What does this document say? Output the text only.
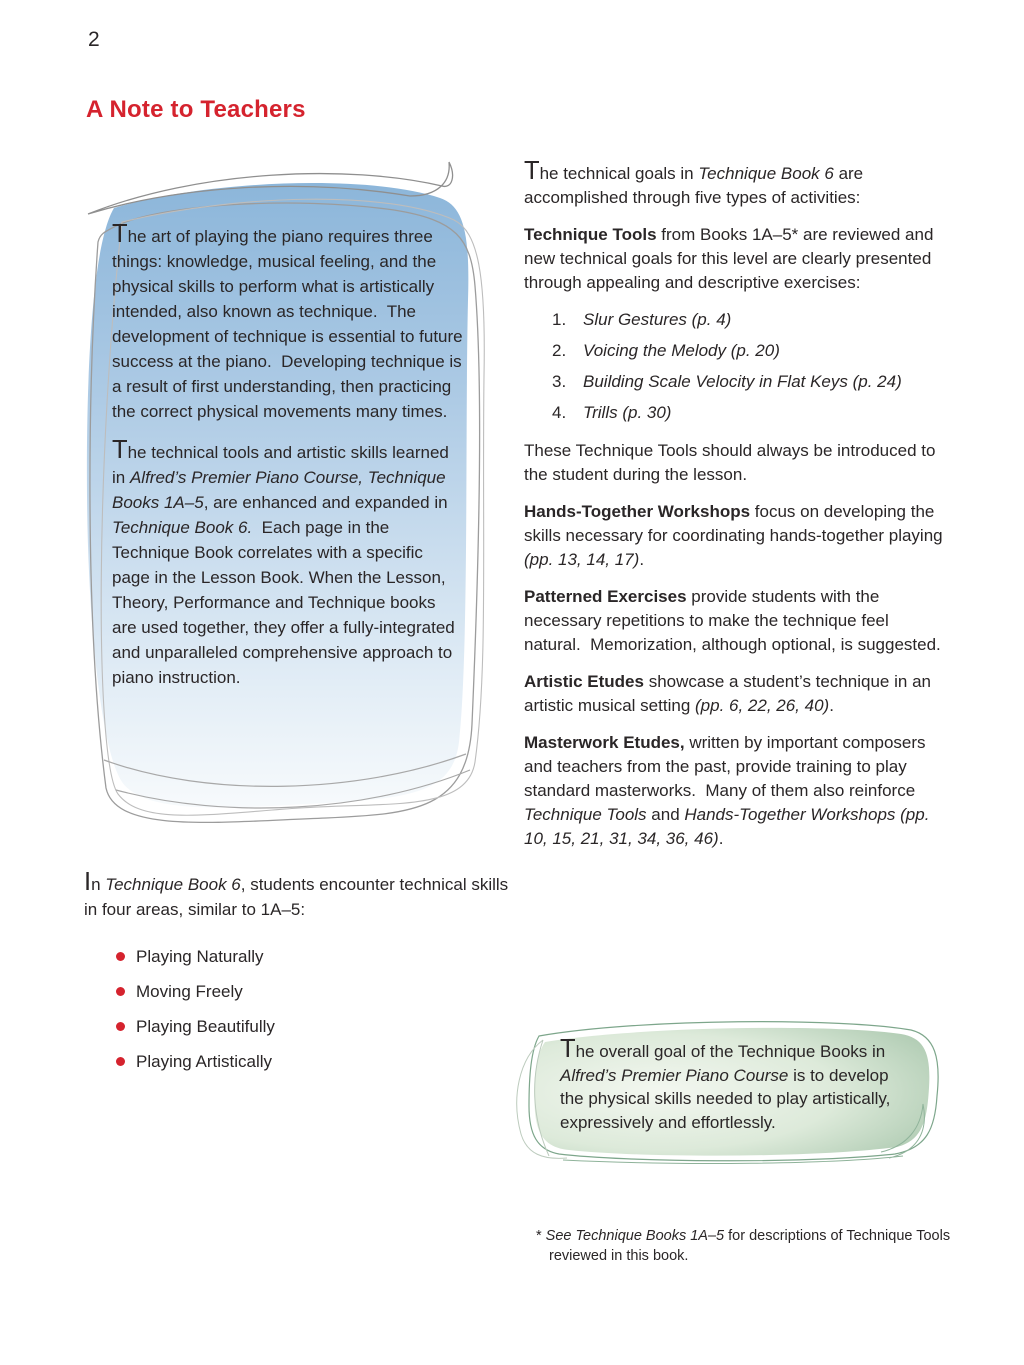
2
A Note to Teachers

The art of playing the piano requires three things: knowledge, musical feeling, and the physical skills to perform what is artistically intended, also known as technique.  The development of technique is essential to future success at the piano.  Developing technique is a result of first understanding, then practicing the correct physical movements many times.

The technical tools and artistic skills learned in Alfred’s Premier Piano Course, Technique Books 1A–5, are enhanced and expanded in Technique Book 6.  Each page in the Technique Book correlates with a specific page in the Lesson Book. When the Lesson, Theory, Performance and Technique books are used together, they offer a fully-integrated and unparalleled comprehensive approach to piano instruction.

In Technique Book 6, students encounter technical skills in four areas, similar to 1A–5:

Playing Naturally
Moving Freely
Playing Beautifully
Playing Artistically

The technical goals in Technique Book 6 are accomplished through five types of activities:

Technique Tools from Books 1A–5* are reviewed and new technical goals for this level are clearly presented through appealing and descriptive exercises:

1. Slur Gestures (p. 4)
2. Voicing the Melody (p. 20)
3. Building Scale Velocity in Flat Keys (p. 24)
4. Trills (p. 30)

These Technique Tools should always be introduced to the student during the lesson.

Hands-Together Workshops focus on developing the skills necessary for coordinating hands-together playing (pp. 13, 14, 17).

Patterned Exercises provide students with the necessary repetitions to make the technique feel natural.  Memorization, although optional, is suggested.

Artistic Etudes showcase a student’s technique in an artistic musical setting (pp. 6, 22, 26, 40).

Masterwork Etudes, written by important composers and teachers from the past, provide training to play standard masterworks.  Many of them also reinforce Technique Tools and Hands-Together Workshops (pp. 10, 15, 21, 31, 34, 36, 46).

The overall goal of the Technique Books in Alfred’s Premier Piano Course is to develop the physical skills needed to play artistically, expressively and effortlessly.
* See Technique Books 1A–5 for descriptions of Technique Tools reviewed in this book.
